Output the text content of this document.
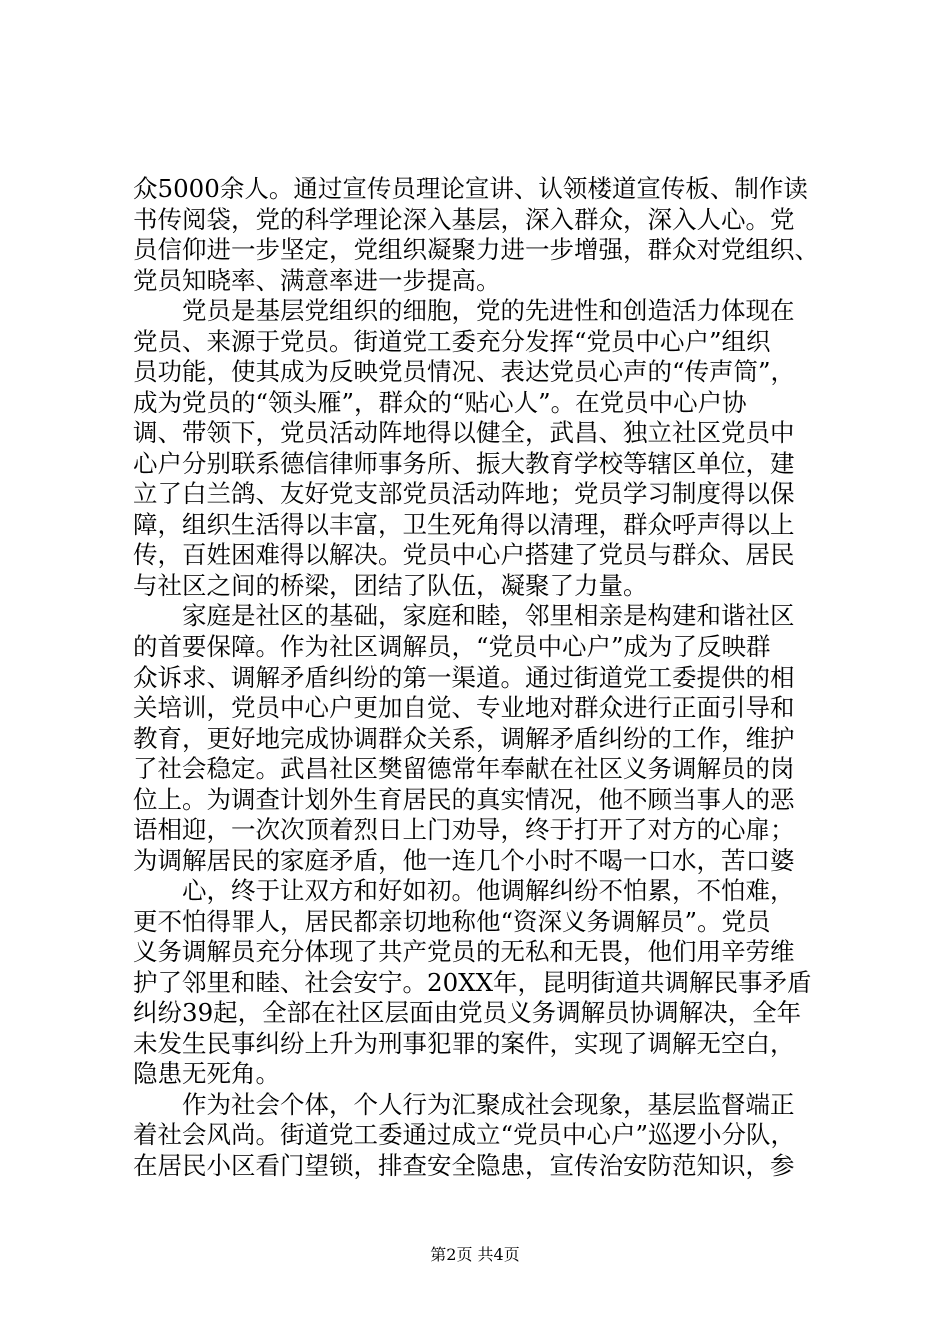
众5000余人。通过宣传员理论宣讲、认领楼道宣传板、制作读
书传阅袋，党的科学理论深入基层，深入群众，深入人心。党
员信仰进一步坚定，党组织凝聚力进一步增强，群众对党组织、
党员知晓率、满意率进一步提高。
　　党员是基层党组织的细胞，党的先进性和创造活力体现在
党员、来源于党员。街道党工委充分发挥“党员中心户”组织
员功能，使其成为反映党员情况、表达党员心声的“传声筒”，
成为党员的“领头雁”，群众的“贴心人”。在党员中心户协
调、带领下，党员活动阵地得以健全，武昌、独立社区党员中
心户分别联系德信律师事务所、振大教育学校等辖区单位，建
立了白兰鸽、友好党支部党员活动阵地；党员学习制度得以保
障，组织生活得以丰富，卫生死角得以清理，群众呼声得以上
传，百姓困难得以解决。党员中心户搭建了党员与群众、居民
与社区之间的桥梁，团结了队伍，凝聚了力量。
　　家庭是社区的基础，家庭和睦，邻里相亲是构建和谐社区
的首要保障。作为社区调解员，“党员中心户”成为了反映群
众诉求、调解矛盾纠纷的第一渠道。通过街道党工委提供的相
关培训，党员中心户更加自觉、专业地对群众进行正面引导和
教育，更好地完成协调群众关系，调解矛盾纠纷的工作，维护
了社会稳定。武昌社区樊留德常年奉献在社区义务调解员的岗
位上。为调查计划外生育居民的真实情况，他不顾当事人的恶
语相迎，一次次顶着烈日上门劝导，终于打开了对方的心扉；
为调解居民的家庭矛盾，他一连几个小时不喝一口水，苦口婆
　　心，终于让双方和好如初。他调解纠纷不怕累，不怕难，
更不怕得罪人，居民都亲切地称他“资深义务调解员”。党员
义务调解员充分体现了共产党员的无私和无畏，他们用辛劳维
护了邻里和睦、社会安宁。20XX年，昆明街道共调解民事矛盾
纠纷39起，全部在社区层面由党员义务调解员协调解决，全年
未发生民事纠纷上升为刑事犯罪的案件，实现了调解无空白，
隐患无死角。
　　作为社会个体，个人行为汇聚成社会现象，基层监督端正
着社会风尚。街道党工委通过成立“党员中心户”巡逻小分队，
在居民小区看门望锁，排查安全隐患，宣传治安防范知识，参
第2页 共4页
